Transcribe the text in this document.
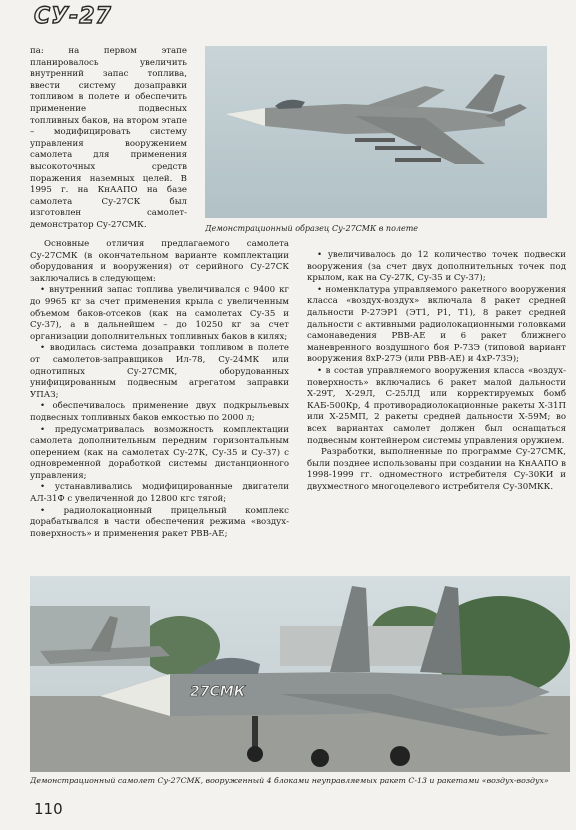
СУ-27

па: на первом этапе планировалось увеличить внутренний запас топлива, ввести систему дозаправки топливом в полете и обеспечить применение подвесных топливных баков, на втором этапе – модифицировать систему управления вооружением самолета для применения высокоточных средств поражения наземных целей. В 1995 г. на КнААПО на базе самолета Су-27СК был изготовлен самолет-демонстратор Су-27СМК.	Демонстрационный образец Су-27СМК в полете

Основные отличия предлагаемого самолета Су-27СМК (в окончательном варианте комплектации оборудования и вооружения) от серийного Су-27СК заключались в следующем:

• внутренний запас топлива увеличивался с 9400 кг до 9965 кг за счет применения крыла с увеличенным объемом баков-отсеков (как на самолетах Су-35 и Су-37), а в дальнейшем – до 10250 кг за счет организации дополнительных топливных баков в килях;

• вводилась система дозаправки топливом в полете от самолетов-заправщиков Ил-78, Су-24МК или однотипных Су-27СМК, оборудованных унифицированным подвесным агрегатом заправки УПАЗ;

• обеспечивалось применение двух подкрыльевых подвесных топливных баков емкостью по 2000 л;

• предусматривалась возможность комплектации самолета дополнительным передним горизонтальным оперением (как на самолетах Су-27К, Су-35 и Су-37) с одновременной доработкой системы дистанционного управления;

• устанавливались модифицированные двигатели АЛ-31Ф с увеличенной до 12800 кгс тягой;

• радиолокационный прицельный комплекс дорабатывался в части обеспечения режима «воздух-поверхность» и применения ракет РВВ-АЕ;

• увеличивалось до 12 количество точек подвески вооружения (за счет двух дополнительных точек под крылом, как на Су-27К, Су-35 и Су-37);

• номенклатура управляемого ракетного вооружения класса «воздух-воздух» включала 8 ракет средней дальности Р-27ЭР1 (ЭТ1, Р1, Т1), 8 ракет средней дальности с активными радиолокационными головками самонаведения РВВ-АЕ и 6 ракет ближнего маневренного воздушного боя Р-73Э (типовой вариант вооружения 8хР-27Э (или РВВ-АЕ) и 4хР-73Э);

• в состав управляемого вооружения класса «воздух-поверхность» включались 6 ракет малой дальности Х-29Т, Х-29Л, С-25ЛД или корректируемых бомб КАБ-500Кр, 4 противорадиолокационные ракеты Х-31П или Х-25МП, 2 ракеты средней дальности Х-59М; во всех вариантах самолет должен был оснащаться подвесным контейнером системы управления оружием.

Разработки, выполненные по программе Су-27СМК, были позднее использованы при создании на КнААПО в 1998-1999 гг. одноместного истребителя Су-30КИ и двухместного многоцелевого истребителя Су-30МКК.

27СМК
Демонстрационный самолет Су-27СМК, вооруженный 4 блоками неуправляемых ракет С-13 и ракетами «воздух-воздух»
110
